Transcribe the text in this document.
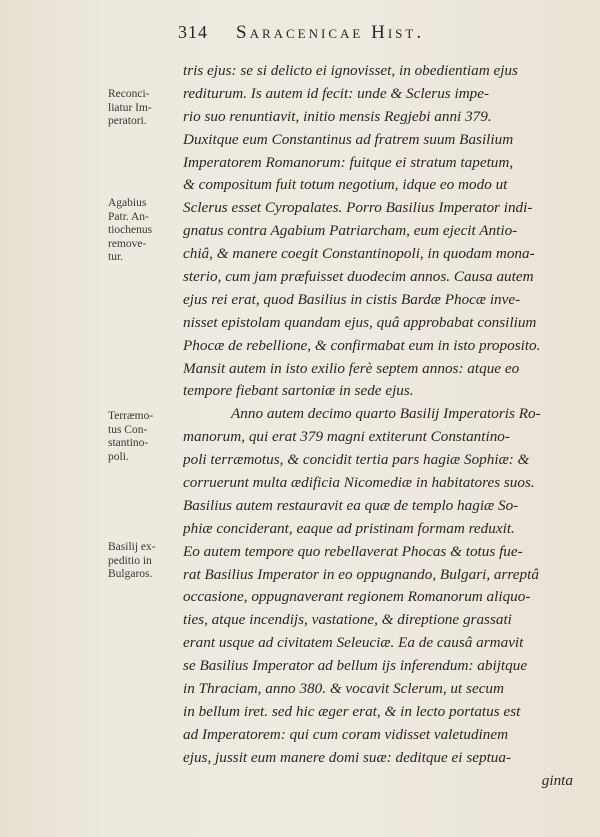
314 Saracenicae Hist.
Reconci-
liatur Im-
peratori.
Agabius
Patr. An-
tiochenus
remove-
tur.
Terræmo-
tus Con-
stantino-
poli.
Basilij ex-
peditio in
Bulgaros.
tris ejus: se si delicto ei ignovisset, in obedientiam ejus
rediturum. Is autem id fecit: unde & Sclerus impe-
rio suo renuntiavit, initio mensis Regjebi anni 379.
Duxitque eum Constantinus ad fratrem suum Basilium
Imperatorem Romanorum: fuitque ei stratum tapetum,
& compositum fuit totum negotium, idque eo modo ut
Sclerus esset Cyropalates. Porro Basilius Imperator indi-
gnatus contra Agabium Patriarcham, eum ejecit Antio-
chiâ, & manere coegit Constantinopoli, in quodam mona-
sterio, cum jam præfuisset duodecim annos. Causa autem
ejus rei erat, quod Basilius in cistis Bardæ Phocæ inve-
nisset epistolam quandam ejus, quâ approbabat consilium
Phocæ de rebellione, & confirmabat eum in isto proposito.
Mansit autem in isto exilio ferè septem annos: atque eo
tempore fiebant sartoniæ in sede ejus.
Anno autem decimo quarto Basilij Imperatoris Ro-
manorum, qui erat 379 magni extiterunt Constantino-
poli terræmotus, & concidit tertia pars hagiæ Sophiæ: &
corruerunt multa ædificia Nicomediæ in habitatores suos.
Basilius autem restauravit ea quæ de templo hagiæ So-
phiæ conciderant, eaque ad pristinam formam reduxit.
Eo autem tempore quo rebellaverat Phocas & totus fue-
rat Basilius Imperator in eo oppugnando, Bulgari, arreptâ
occasione, oppugnaverant regionem Romanorum aliquo-
ties, atque incendijs, vastatione, & direptione grassati
erant usque ad civitatem Seleuciæ. Ea de causâ armavit
se Basilius Imperator ad bellum ijs inferendum: abijtque
in Thraciam, anno 380. & vocavit Sclerum, ut secum
in bellum iret. sed hic æger erat, & in lecto portatus est
ad Imperatorem: qui cum coram vidisset valetudinem
ejus, jussit eum manere domi suæ: deditque ei septua-
ginta
